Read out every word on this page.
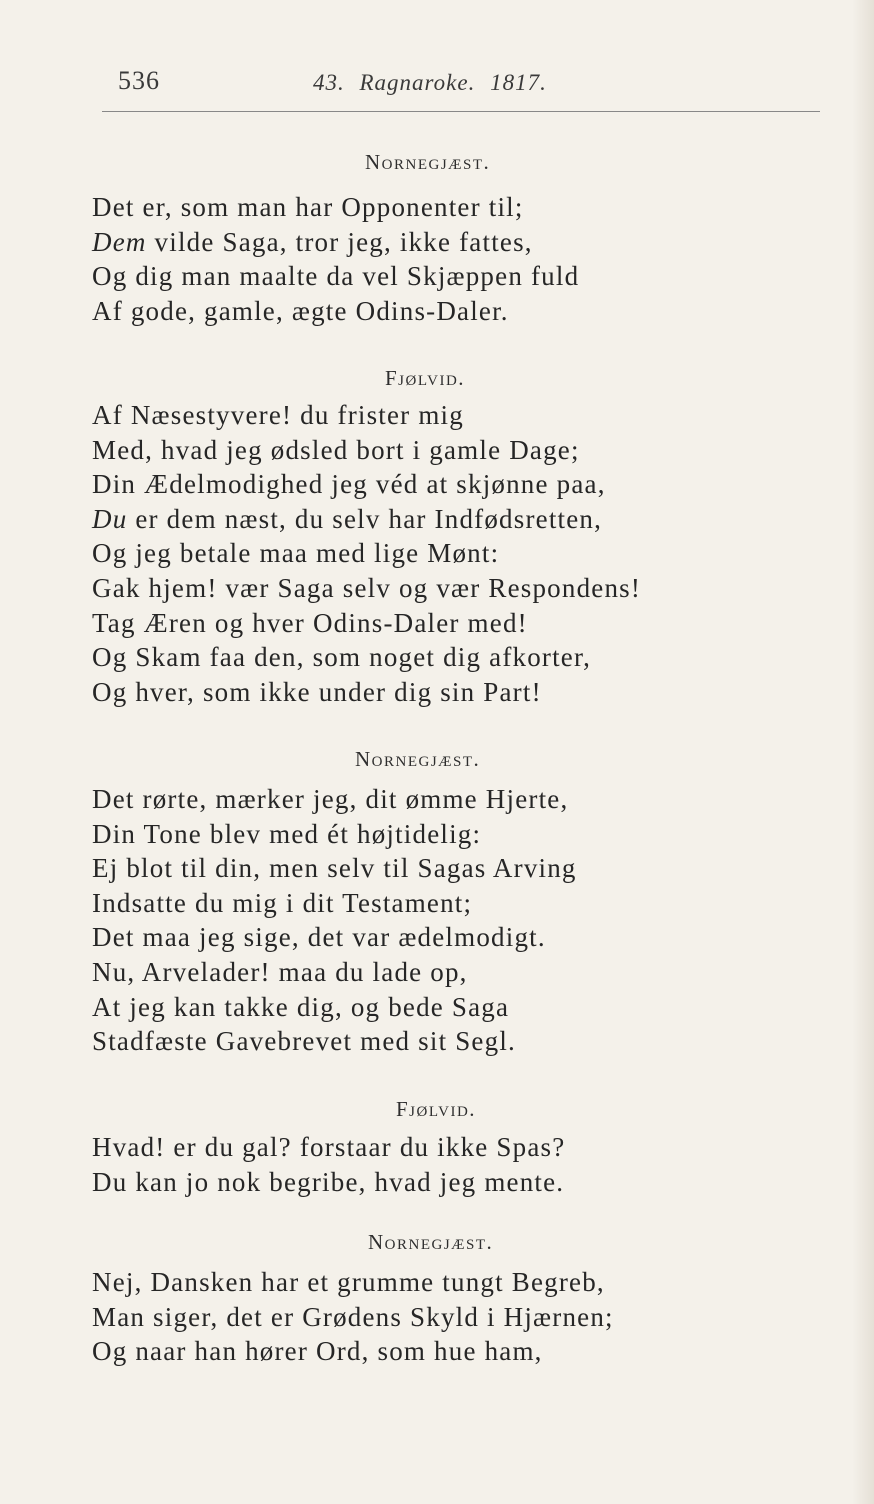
536	43. Ragnaroke. 1817.
Nornegjæst.
Det er, som man har Opponenter til;
Dem vilde Saga, tror jeg, ikke fattes,
Og dig man maalte da vel Skjæppen fuld
Af gode, gamle, ægte Odins-Daler.
Fjølvid.
Af Næsestyvere! du frister mig
Med, hvad jeg ødsled bort i gamle Dage;
Din Ædelmodighed jeg véd at skjønne paa,
Du er dem næst, du selv har Indfødsretten,
Og jeg betale maa med lige Mønt:
Gak hjem! vær Saga selv og vær Respondens!
Tag Æren og hver Odins-Daler med!
Og Skam faa den, som noget dig afkorter,
Og hver, som ikke under dig sin Part!
Nornegjæst.
Det rørte, mærker jeg, dit ømme Hjerte,
Din Tone blev med ét højtidelig:
Ej blot til din, men selv til Sagas Arving
Indsatte du mig i dit Testament;
Det maa jeg sige, det var ædelmodigt.
Nu, Arvelader! maa du lade op,
At jeg kan takke dig, og bede Saga
Stadfæste Gavebrevet med sit Segl.
Fjølvid.
Hvad! er du gal? forstaar du ikke Spas?
Du kan jo nok begribe, hvad jeg mente.
Nornegjæst.
Nej, Dansken har et grumme tungt Begreb,
Man siger, det er Grødens Skyld i Hjærnen;
Og naar han hører Ord, som hue ham,
